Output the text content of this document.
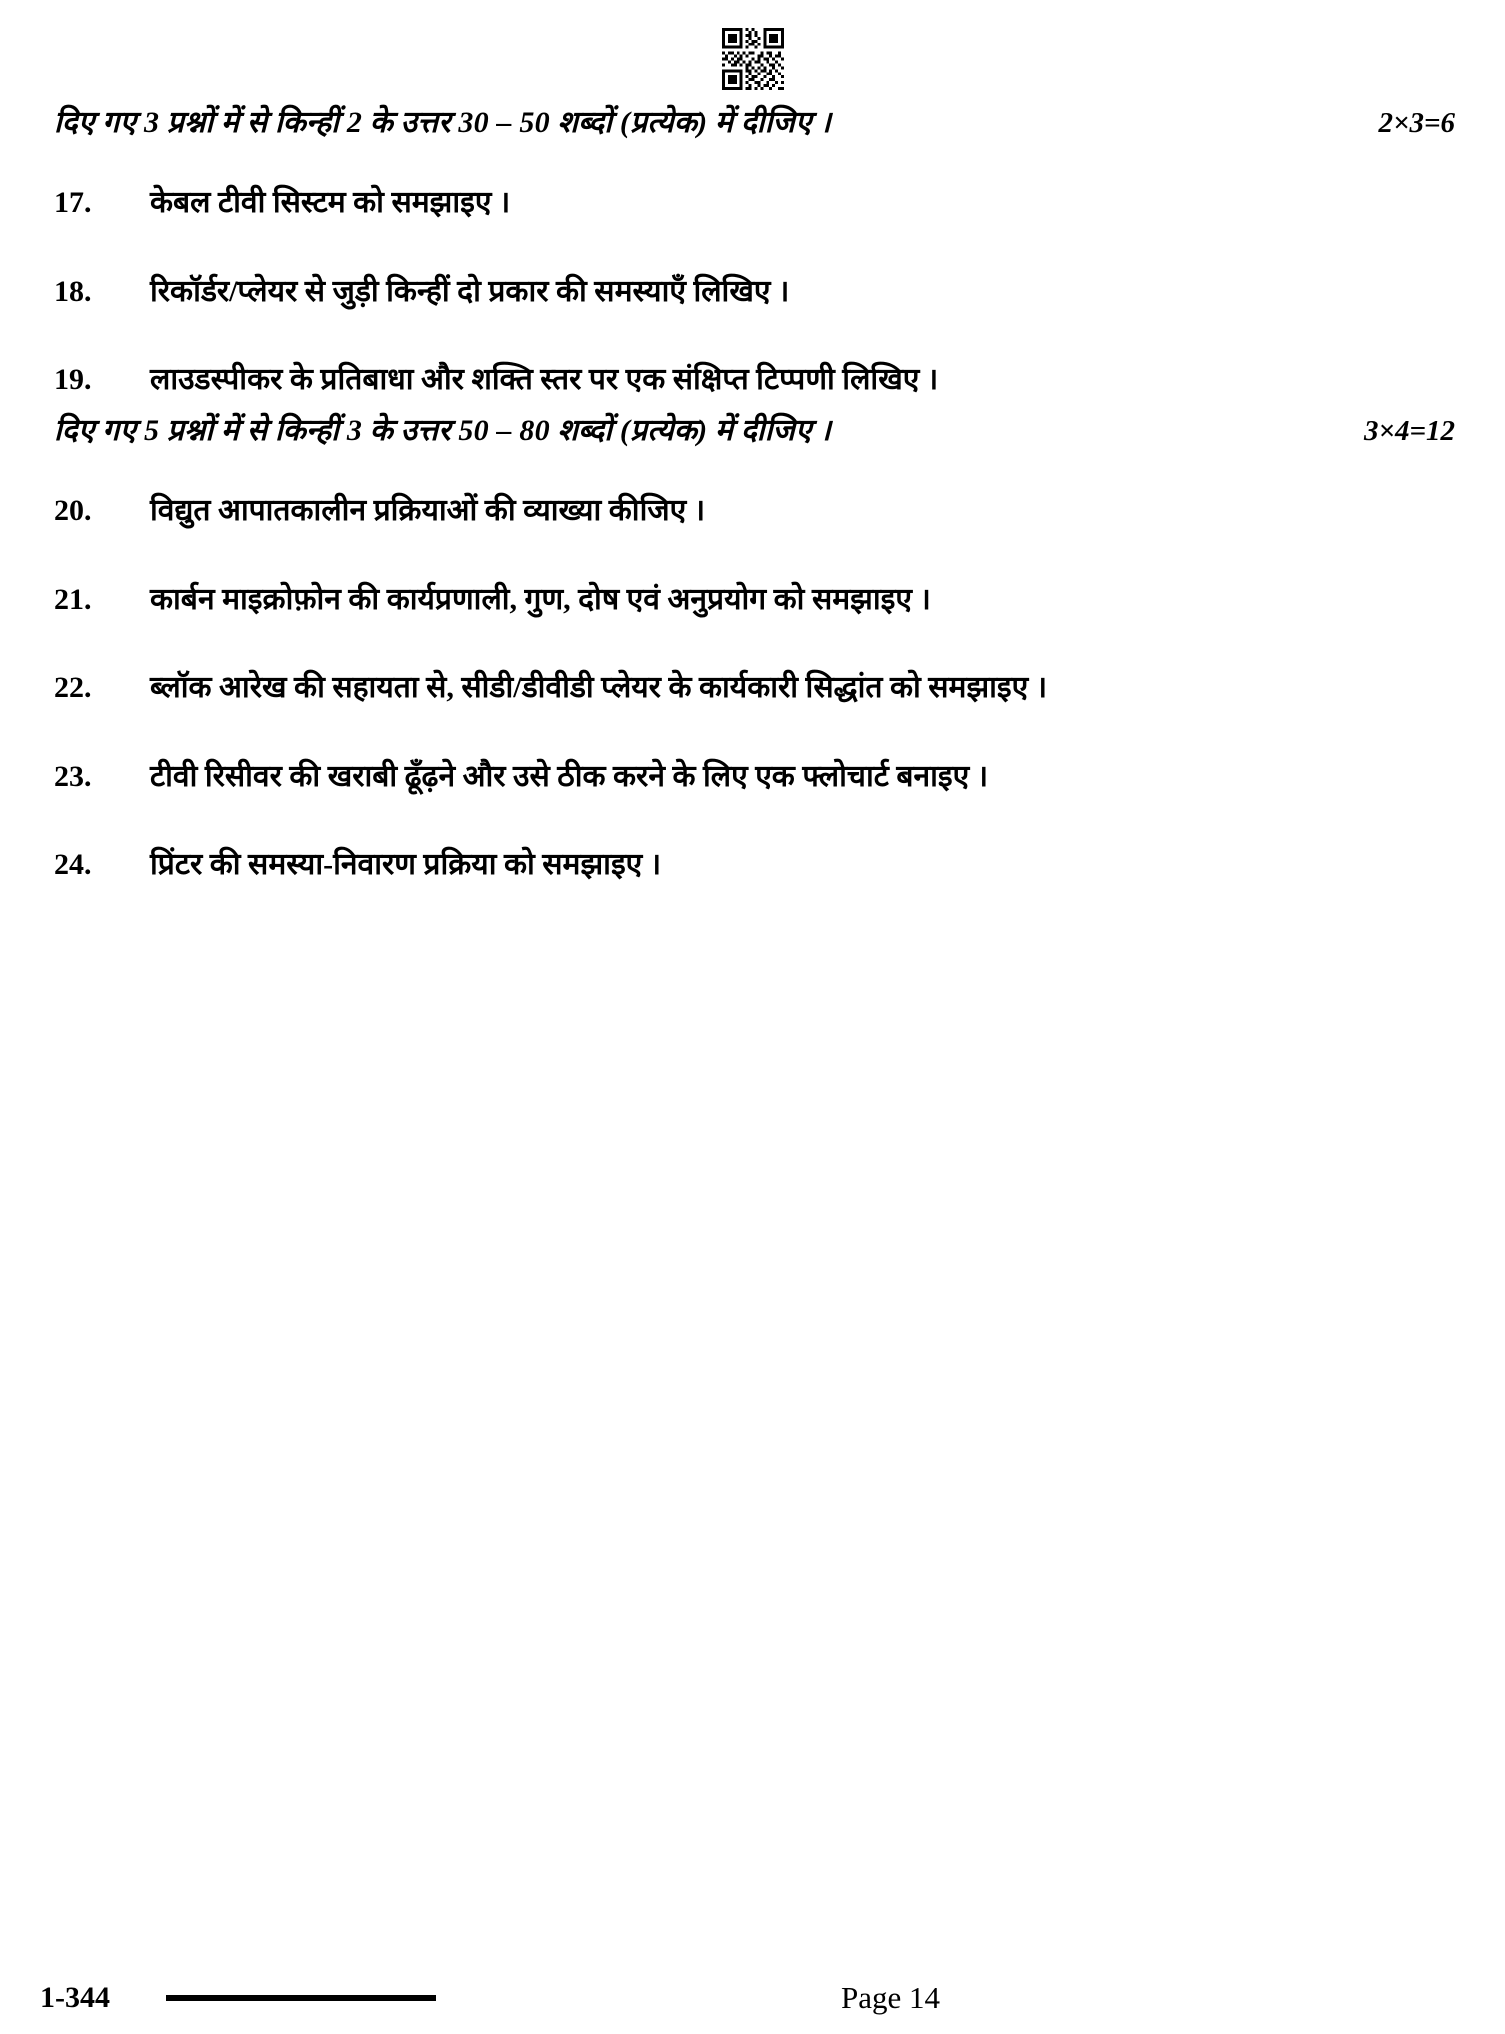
दिए गए 3 प्रश्नों में से किन्हीं 2 के उत्तर 30 – 50 शब्दों (प्रत्येक) में दीजिए ।	2×3=6
17.	केबल टीवी सिस्टम को समझाइए ।
18.	रिकॉर्डर/प्लेयर से जुड़ी किन्हीं दो प्रकार की समस्याएँ लिखिए ।
19.	लाउडस्पीकर के प्रतिबाधा और शक्ति स्तर पर एक संक्षिप्त टिप्पणी लिखिए ।
दिए गए 5 प्रश्नों में से किन्हीं 3 के उत्तर 50 – 80 शब्दों (प्रत्येक) में दीजिए ।	3×4=12
20.	विद्युत आपातकालीन प्रक्रियाओं की व्याख्या कीजिए ।
21.	कार्बन माइक्रोफ़ोन की कार्यप्रणाली, गुण, दोष एवं अनुप्रयोग को समझाइए ।
22.	ब्लॉक आरेख की सहायता से, सीडी/डीवीडी प्लेयर के कार्यकारी सिद्धांत को समझाइए ।
23.	टीवी रिसीवर की खराबी ढूँढ़ने और उसे ठीक करने के लिए एक फ्लोचार्ट बनाइए ।
24.	प्रिंटर की समस्या-निवारण प्रक्रिया को समझाइए ।
1-344	Page 14
